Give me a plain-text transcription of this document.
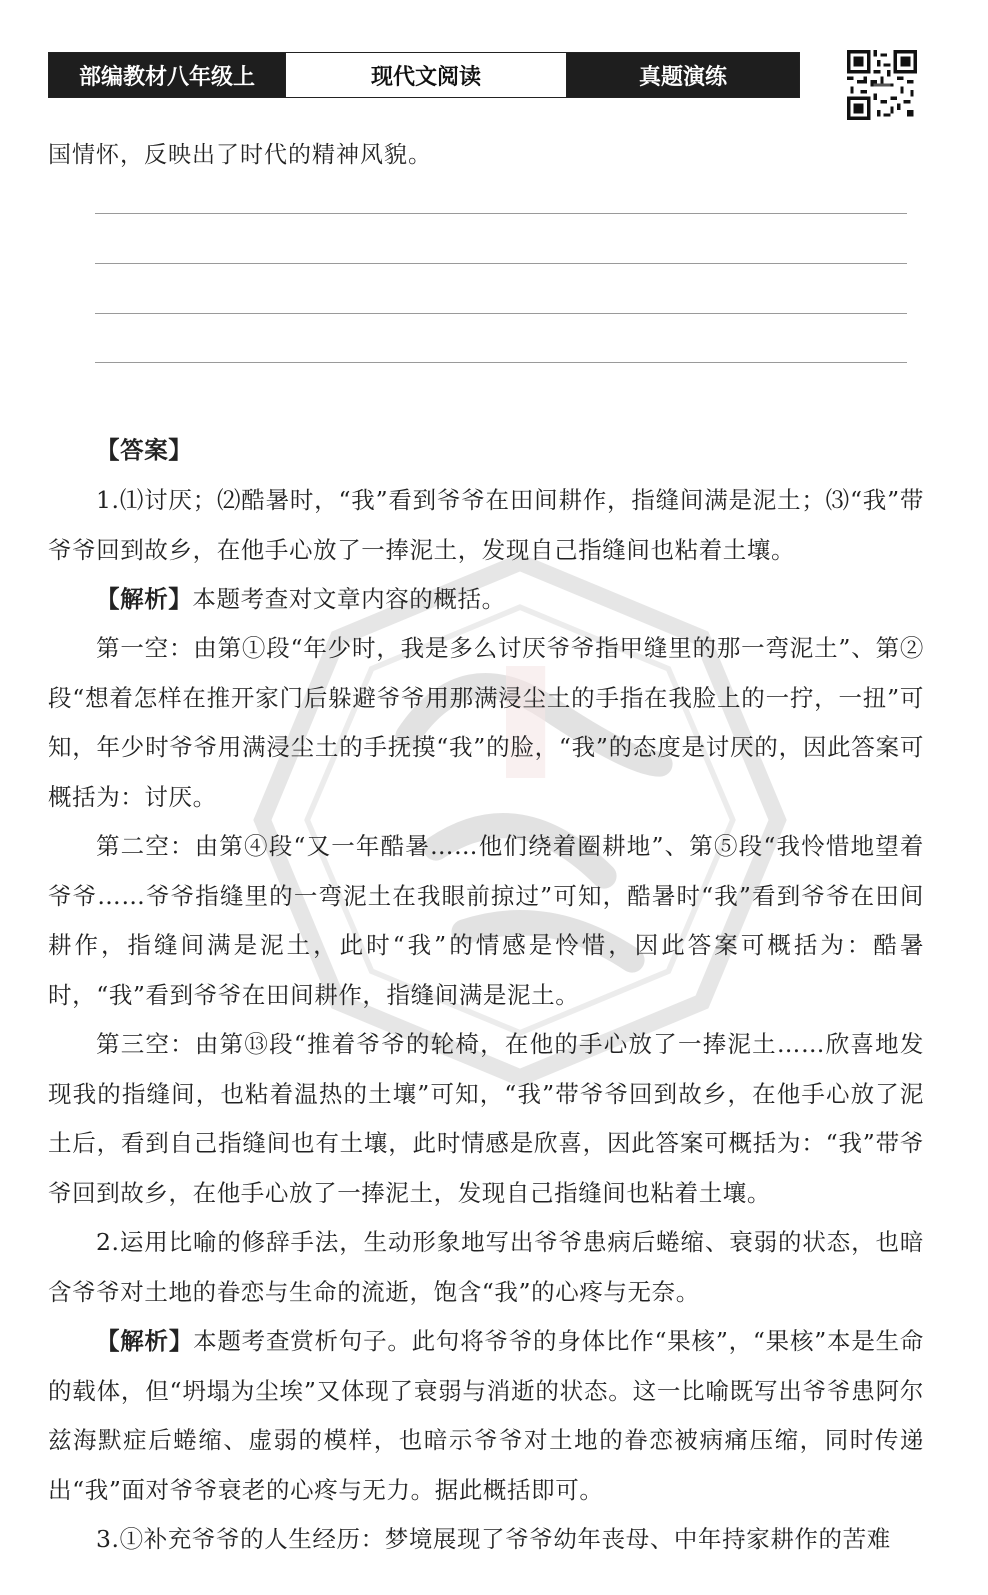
部编教材八年级上	现代文阅读	真题演练
国情怀，反映出了时代的精神风貌。

【答案】

1.⑴讨厌；⑵酷暑时，“我”看到爷爷在田间耕作，指缝间满是泥土；⑶“我”带爷爷回到故乡，在他手心放了一捧泥土，发现自己指缝间也粘着土壤。

【解析】本题考查对文章内容的概括。

第一空：由第①段“年少时，我是多么讨厌爷爷指甲缝里的那一弯泥土”、第②段“想着怎样在推开家门后躲避爷爷用那满浸尘土的手指在我脸上的一拧，一扭”可知，年少时爷爷用满浸尘土的手抚摸“我”的脸，“我”的态度是讨厌的，因此答案可概括为：讨厌。

第二空：由第④段“又一年酷暑……他们绕着圈耕地”、第⑤段“我怜惜地望着爷爷……爷爷指缝里的一弯泥土在我眼前掠过”可知，酷暑时“我”看到爷爷在田间耕作，指缝间满是泥土，此时“我”的情感是怜惜，因此答案可概括为：酷暑时，“我”看到爷爷在田间耕作，指缝间满是泥土。

第三空：由第⑬段“推着爷爷的轮椅，在他的手心放了一捧泥土……欣喜地发现我的指缝间，也粘着温热的土壤”可知，“我”带爷爷回到故乡，在他手心放了泥土后，看到自己指缝间也有土壤，此时情感是欣喜，因此答案可概括为：“我”带爷爷回到故乡，在他手心放了一捧泥土，发现自己指缝间也粘着土壤。

2.运用比喻的修辞手法，生动形象地写出爷爷患病后蜷缩、衰弱的状态，也暗含爷爷对土地的眷恋与生命的流逝，饱含“我”的心疼与无奈。

【解析】本题考查赏析句子。此句将爷爷的身体比作“果核”，“果核”本是生命的载体，但“坍塌为尘埃”又体现了衰弱与消逝的状态。这一比喻既写出爷爷患阿尔兹海默症后蜷缩、虚弱的模样，也暗示爷爷对土地的眷恋被病痛压缩，同时传递出“我”面对爷爷衰老的心疼与无力。据此概括即可。

3.①补充爷爷的人生经历：梦境展现了爷爷幼年丧母、中年持家耕作的苦难
